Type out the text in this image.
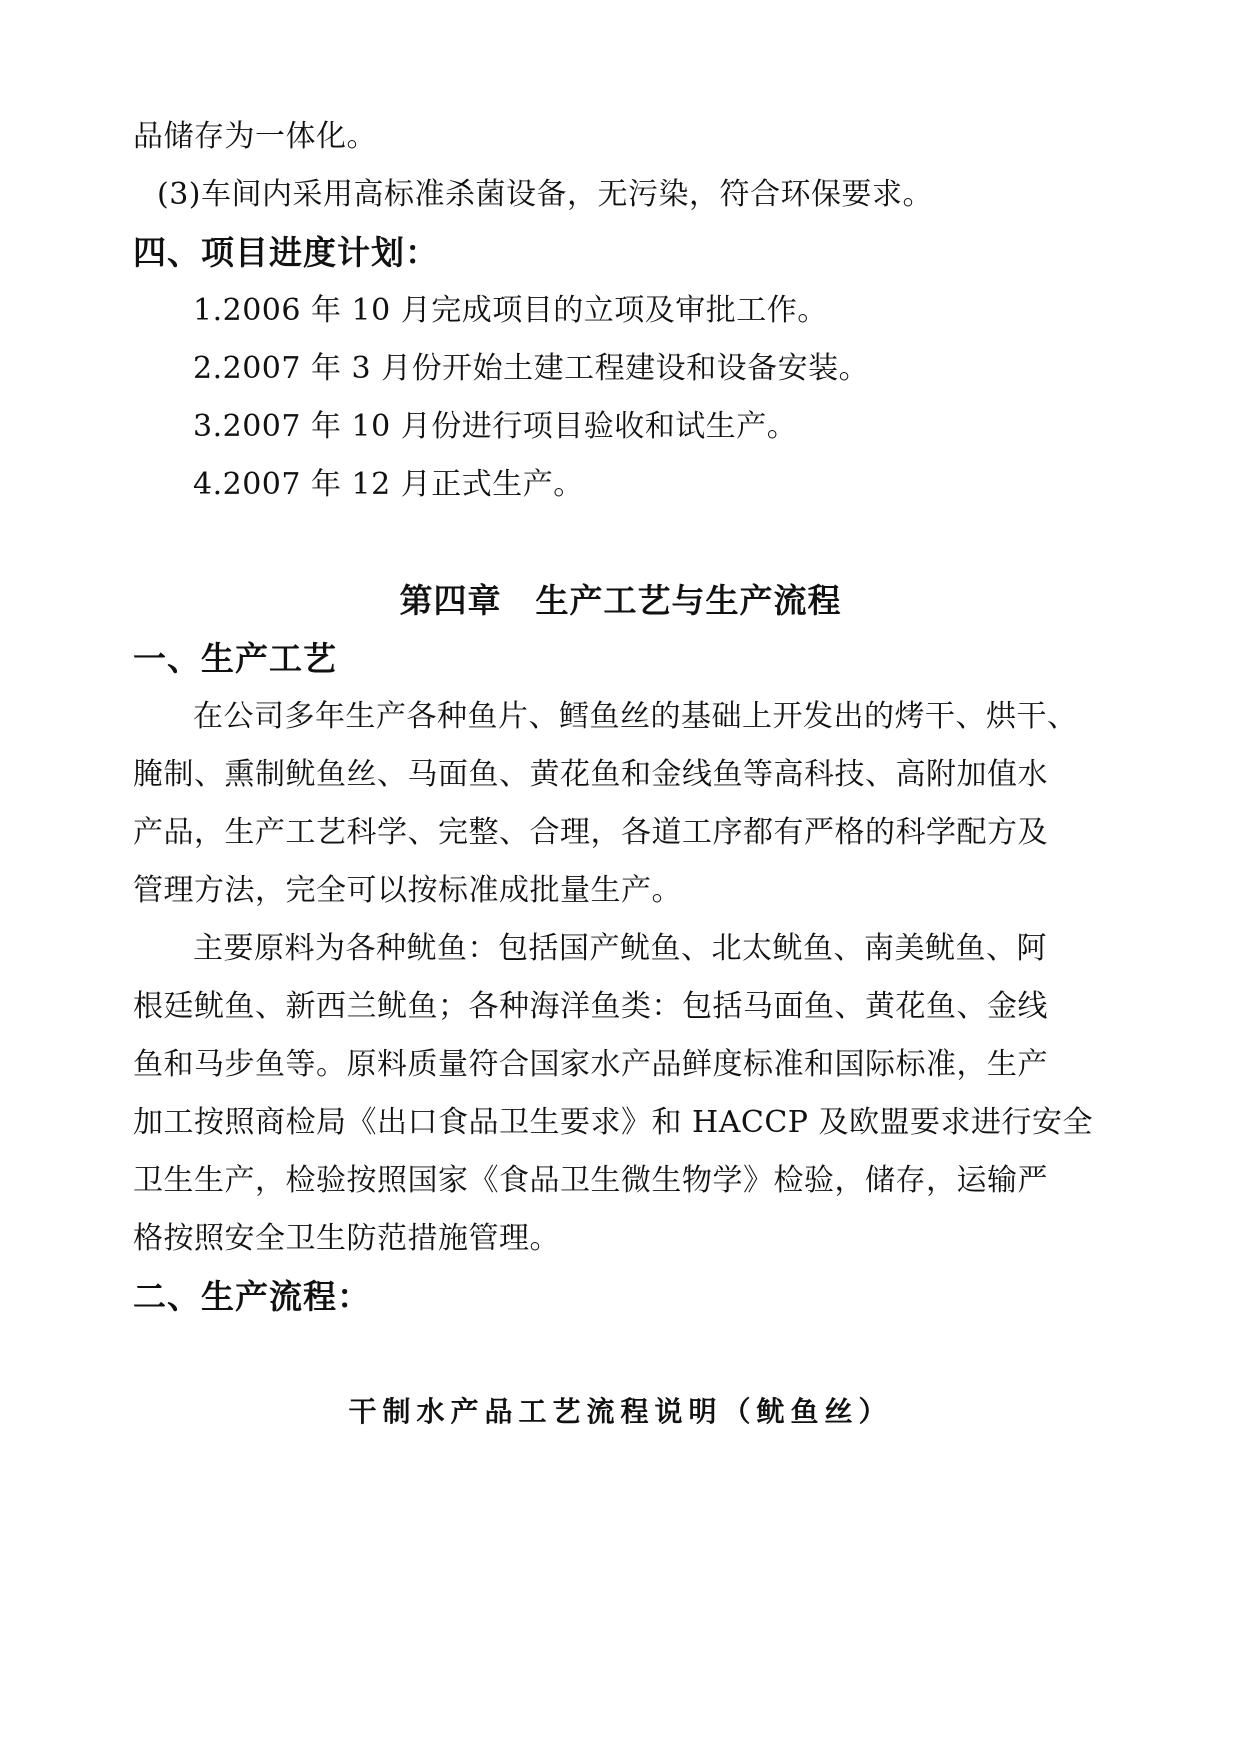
品储存为一体化。
(3)车间内采用高标准杀菌设备，无污染，符合环保要求。
四、项目进度计划：
1.2006 年 10 月完成项目的立项及审批工作。
2.2007 年 3 月份开始土建工程建设和设备安装。
3.2007 年 10 月份进行项目验收和试生产。
4.2007 年 12 月正式生产。
第四章　生产工艺与生产流程
一、生产工艺
在公司多年生产各种鱼片、鳕鱼丝的基础上开发出的烤干、烘干、
腌制、熏制鱿鱼丝、马面鱼、黄花鱼和金线鱼等高科技、高附加值水
产品，生产工艺科学、完整、合理，各道工序都有严格的科学配方及
管理方法，完全可以按标准成批量生产。
主要原料为各种鱿鱼：包括国产鱿鱼、北太鱿鱼、南美鱿鱼、阿
根廷鱿鱼、新西兰鱿鱼；各种海洋鱼类：包括马面鱼、黄花鱼、金线
鱼和马步鱼等。原料质量符合国家水产品鲜度标准和国际标准，生产
加工按照商检局《出口食品卫生要求》和 HACCP 及欧盟要求进行安全
卫生生产，检验按照国家《食品卫生微生物学》检验，储存，运输严
格按照安全卫生防范措施管理。
二、生产流程：
干制水产品工艺流程说明（鱿鱼丝）
